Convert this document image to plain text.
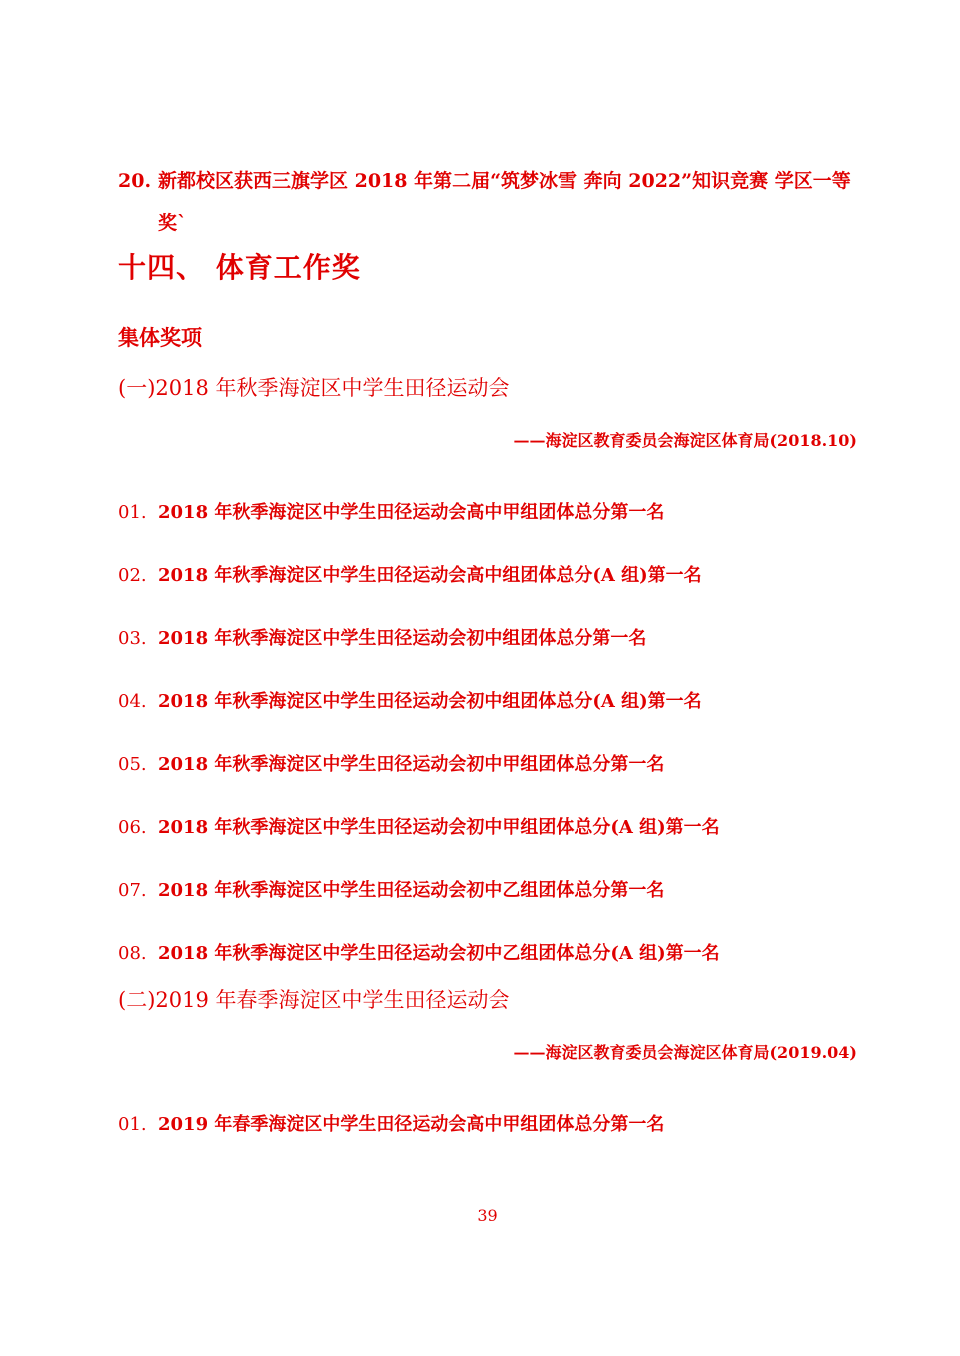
20. 新都校区获西三旗学区 2018 年第二届“筑梦冰雪 奔向 2022”知识竞赛 学区一等
奖`
十四、 体育工作奖
集体奖项
(一)2018 年秋季海淀区中学生田径运动会
——海淀区教育委员会海淀区体育局(2018.10)
01. 2018 年秋季海淀区中学生田径运动会高中甲组团体总分第一名
02. 2018 年秋季海淀区中学生田径运动会高中组团体总分(A 组)第一名
03. 2018 年秋季海淀区中学生田径运动会初中组团体总分第一名
04. 2018 年秋季海淀区中学生田径运动会初中组团体总分(A 组)第一名
05. 2018 年秋季海淀区中学生田径运动会初中甲组团体总分第一名
06. 2018 年秋季海淀区中学生田径运动会初中甲组团体总分(A 组)第一名
07. 2018 年秋季海淀区中学生田径运动会初中乙组团体总分第一名
08. 2018 年秋季海淀区中学生田径运动会初中乙组团体总分(A 组)第一名
(二)2019 年春季海淀区中学生田径运动会
——海淀区教育委员会海淀区体育局(2019.04)
01. 2019 年春季海淀区中学生田径运动会高中甲组团体总分第一名
39
